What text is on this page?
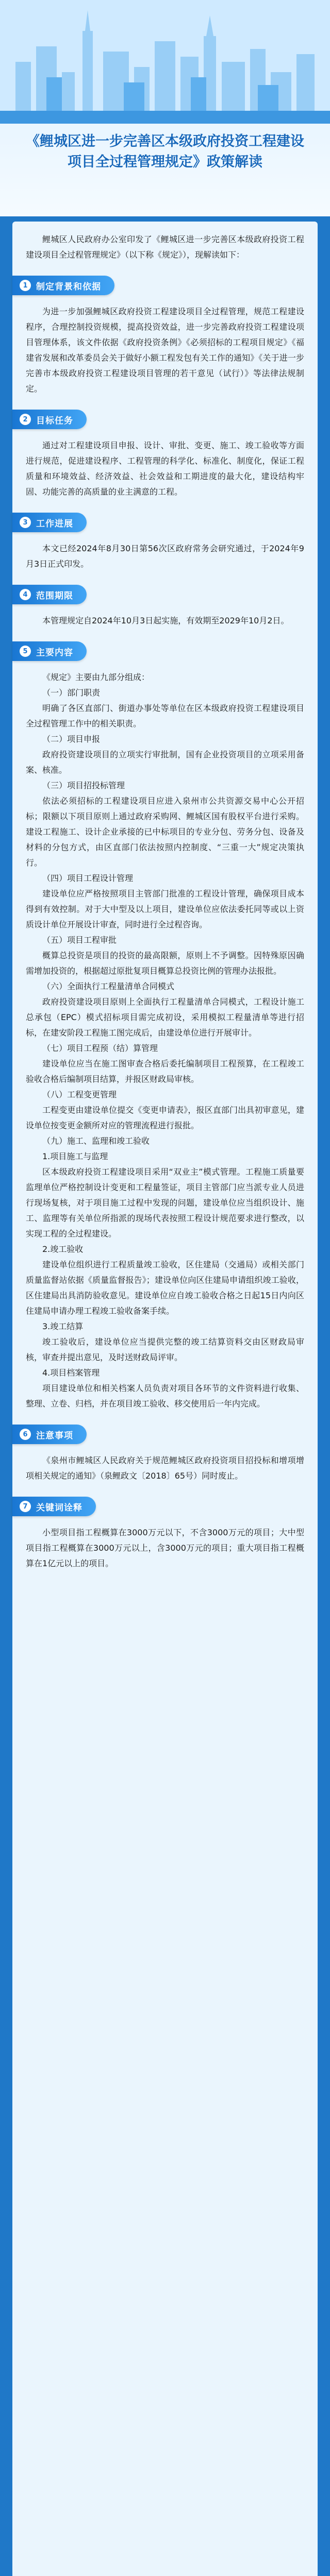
《鲤城区进一步完善区本级政府投资工程建设项目全过程管理规定》政策解读

鲤城区人民政府办公室印发了《鲤城区进一步完善区本级政府投资工程建设项目全过程管理规定》（以下称《规定》），现解读如下：

1 制定背景和依据

为进一步加强鲤城区政府投资工程建设项目全过程管理，规范工程建设程序，合理控制投资规模，提高投资效益，进一步完善政府投资工程建设项目管理体系，该文件依据《政府投资条例》《必须招标的工程项目规定》《福建省发展和改革委员会关于做好小额工程发包有关工作的通知》《关于进一步完善市本级政府投资工程建设项目管理的若干意见（试行）》等法律法规制定。

2 目标任务

通过对工程建设项目申报、设计、审批、变更、施工、竣工验收等方面进行规范，促进建设程序、工程管理的科学化、标准化、制度化，保证工程质量和环境效益、经济效益、社会效益和工期进度的最大化，建设结构牢固、功能完善的高质量的业主满意的工程。

3 工作进展

本文已经2024年8月30日第56次区政府常务会研究通过，于2024年9月3日正式印发。

4 范围期限

本管理规定自2024年10月3日起实施，有效期至2029年10月2日。

5 主要内容

《规定》主要由九部分组成：

（一）部门职责

明确了各区直部门、街道办事处等单位在区本级政府投资工程建设项目全过程管理工作中的相关职责。

（二）项目申报

政府投资建设项目的立项实行审批制，国有企业投资项目的立项采用备案、核准。

（三）项目招投标管理

依法必须招标的工程建设项目应进入泉州市公共资源交易中心公开招标；限额以下项目原则上通过政府采购网、鲤城区国有股权平台进行采购。建设工程施工、设计企业承接的已中标项目的专业分包、劳务分包、设备及材料的分包方式，由区直部门依法按照内控制度、“三重一大”规定决策执行。

（四）项目工程设计管理

建设单位应严格按照项目主管部门批准的工程设计管理，确保项目成本得到有效控制。对于大中型及以上项目，建设单位应依法委托同等或以上资质设计单位开展设计审查，同时进行全过程咨询。

（五）项目工程审批

概算总投资是项目的投资的最高限额，原则上不予调整。因特殊原因确需增加投资的，根据超过原批复项目概算总投资比例的管理办法报批。

（六）全面执行工程量清单合同模式

政府投资建设项目原则上全面执行工程量清单合同模式，工程设计施工总承包（EPC）模式招标项目需完成初设，采用模拟工程量清单等进行招标，在建安阶段工程施工图完成后，由建设单位进行开展审计。

（七）项目工程预（结）算管理

建设单位应当在施工图审查合格后委托编制项目工程预算，在工程竣工验收合格后编制项目结算，并报区财政局审核。

（八）工程变更管理

工程变更由建设单位提交《变更申请表》，报区直部门出具初审意见，建设单位按变更金额所对应的管理流程进行报批。

（九）施工、监理和竣工验收

1.项目施工与监理

区本级政府投资工程建设项目采用“双业主”模式管理。工程施工质量要监理单位严格控制设计变更和工程量签证，项目主管部门应当派专业人员进行现场复核，对于项目施工过程中发现的问题，建设单位应当组织设计、施工、监理等有关单位所指派的现场代表按照工程设计规范要求进行整改，以实现工程的全过程建设。

2.竣工验收

建设单位组织进行工程质量竣工验收，区住建局（交通局）或相关部门质量监督站依据《质量监督报告》；建设单位向区住建局申请组织竣工验收，区住建局出具消防验收意见。建设单位应自竣工验收合格之日起15日内向区住建局申请办理工程竣工验收备案手续。

3.竣工结算

竣工验收后，建设单位应当提供完整的竣工结算资料交由区财政局审核，审查并提出意见，及时送财政局评审。

4.项目档案管理

项目建设单位和相关档案人员负责对项目各环节的文件资料进行收集、整理、立卷、归档，并在项目竣工验收、移交使用后一年内完成。

6 注意事项

《泉州市鲤城区人民政府关于规范鲤城区政府投资项目招投标和增项增项相关规定的通知》（泉鲤政文〔2018〕65号）同时废止。

7 关键词诠释

小型项目指工程概算在3000万元以下，不含3000万元的项目；大中型项目指工程概算在3000万元以上，含3000万元的项目；重大项目指工程概算在1亿元以上的项目。
